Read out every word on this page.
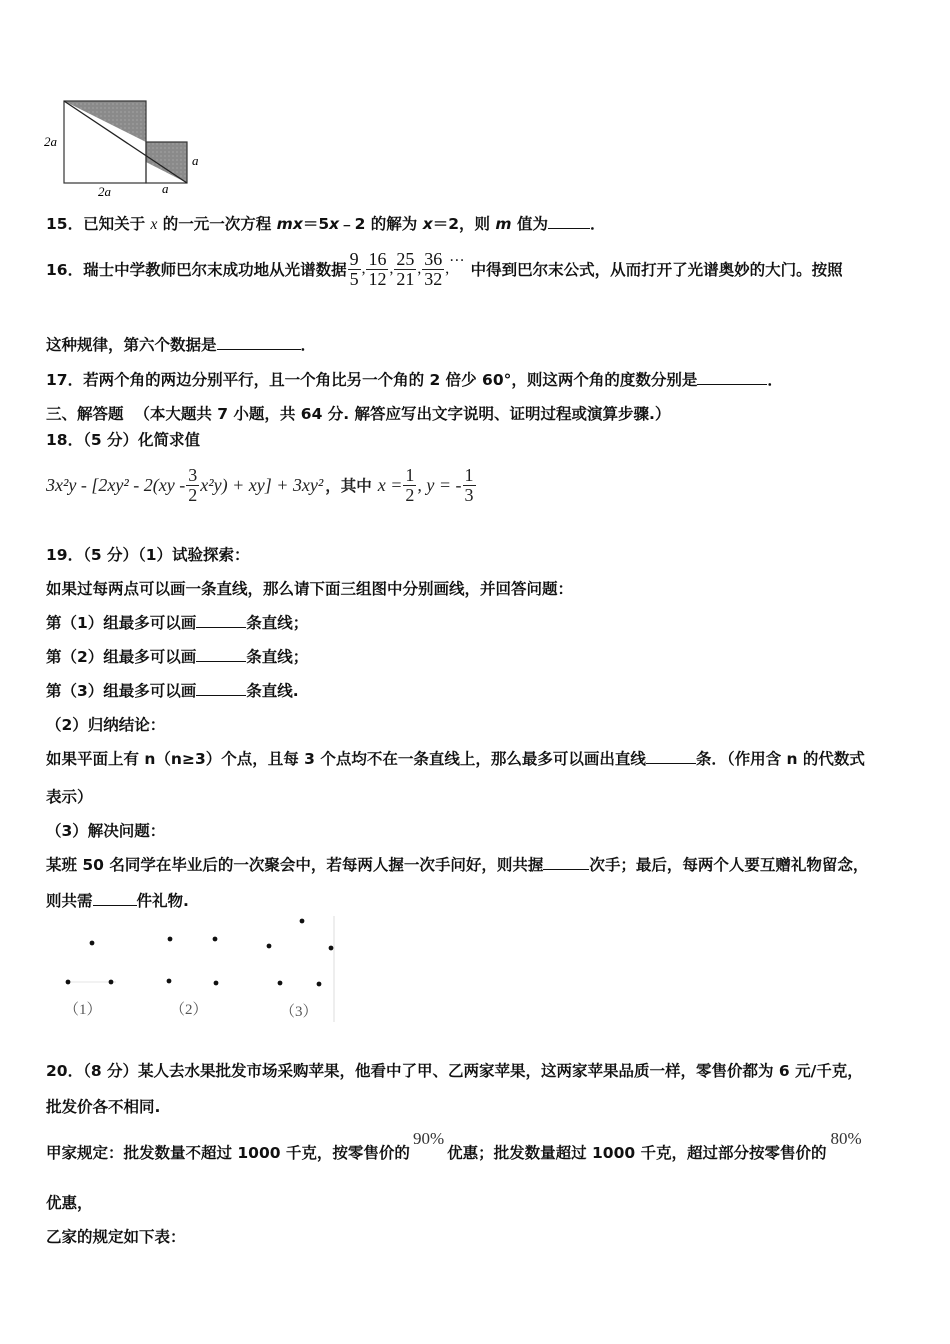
2a
2a	a
a
15．已知关于 x 的一元一次方程 mx＝5x﹣2 的解为 x＝2，则 m 值为	．
16． 瑞士中学教师巴尔末成功地从光谱数据 $\frac{9}{5}$ , $\frac{16}{12}$ , $\frac{25}{21}$ , $\frac{36}{32}$ ,
…
中得到巴尔末公式，从而打开了光谱奥妙的大门。按照
这种规律，第六个数据是	．
17．若两个角的两边分别平行，且一个角比另一个角的 2 倍少 60°，则这两个角的度数分别是	．
三、解答题 （本大题共 7 小题，共 64 分. 解答应写出文字说明、证明过程或演算步骤.）
18．（5 分）化简求值
$3x^2y - [2xy^2 - 2(xy - \frac{3}{2} x^2y) + xy] + 3xy^2$ ，其中 $x = \frac{1}{2}$ , y = - $\frac{1}{3}$
19．（5 分）（1）试验探索：
如果过每两点可以画一条直线，那么请下面三组图中分别画线，并回答问题：
第（1）组最多可以画	条直线；
第（2）组最多可以画	条直线；
第（3）组最多可以画	条直线.
（2）归纳结论：
如果平面上有 n（n≥3）个点，且每 3 个点均不在一条直线上，那么最多可以画出直线	条．（作用含 n 的代数式
表示）
（3）解决问题：
某班 50 名同学在毕业后的一次聚会中，若每两人握一次手问好，则共握	次手；最后，每两个人要互赠礼物留念，
则共需	件礼物.
（1）	（2）	（3）
20．（8 分）某人去水果批发市场采购苹果，他看中了甲、乙两家苹果，这两家苹果品质一样，零售价都为 6 元/千克，
批发价各不相同.
甲家规定：批发数量不超过 1000 千克，按零售价的90%优惠；批发数量超过 1000 千克，超过部分按零售价的80%
优惠，
乙家的规定如下表：
